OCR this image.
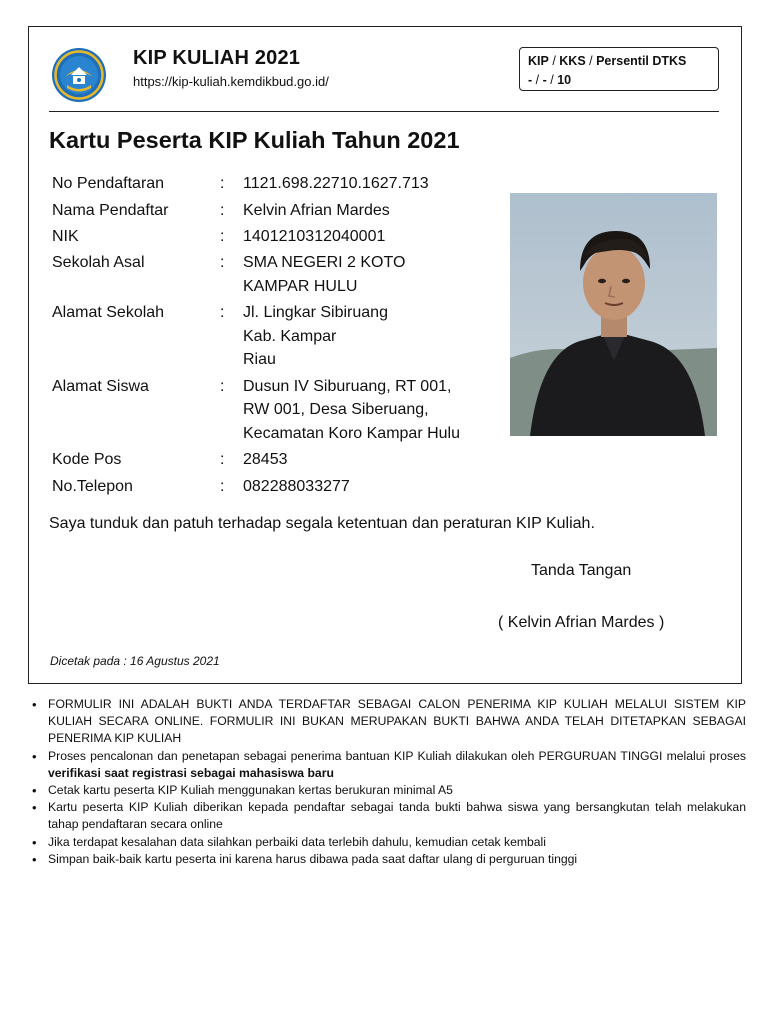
KIP KULIAH 2021
https://kip-kuliah.kemdikbud.go.id/
KIP / KKS / Persentil DTKS
- / - / 10
Kartu Peserta KIP Kuliah Tahun 2021
No Pendaftaran	: 1121.698.22710.1627.713
Nama Pendaftar	: Kelvin Afrian Mardes
NIK	: 1401210312040001
Sekolah Asal	: SMA NEGERI 2 KOTO
KAMPAR HULU
Alamat Sekolah	: Jl. Lingkar Sibiruang
Kab. Kampar
Riau
Alamat Siswa	: Dusun IV Siburuang, RT 001,
RW 001, Desa Siberuang,
Kecamatan Koro Kampar Hulu
Kode Pos	: 28453
No.Telepon	: 082288033277
Saya tunduk dan patuh terhadap segala ketentuan dan peraturan KIP Kuliah.
Tanda Tangan
( Kelvin Afrian Mardes )
Dicetak pada : 16 Agustus 2021
• FORMULIR INI ADALAH BUKTI ANDA TERDAFTAR SEBAGAI CALON PENERIMA KIP KULIAH MELALUI SISTEM KIP KULIAH SECARA ONLINE. FORMULIR INI BUKAN MERUPAKAN BUKTI BAHWA ANDA TELAH DITETAPKAN SEBAGAI PENERIMA KIP KULIAH
• Proses pencalonan dan penetapan sebagai penerima bantuan KIP Kuliah dilakukan oleh PERGURUAN TINGGI melalui proses verifikasi saat registrasi sebagai mahasiswa baru
• Cetak kartu peserta KIP Kuliah menggunakan kertas berukuran minimal A5
• Kartu peserta KIP Kuliah diberikan kepada pendaftar sebagai tanda bukti bahwa siswa yang bersangkutan telah melakukan tahap pendaftaran secara online
• Jika terdapat kesalahan data silahkan perbaiki data terlebih dahulu, kemudian cetak kembali
• Simpan baik-baik kartu peserta ini karena harus dibawa pada saat daftar ulang di perguruan tinggi
